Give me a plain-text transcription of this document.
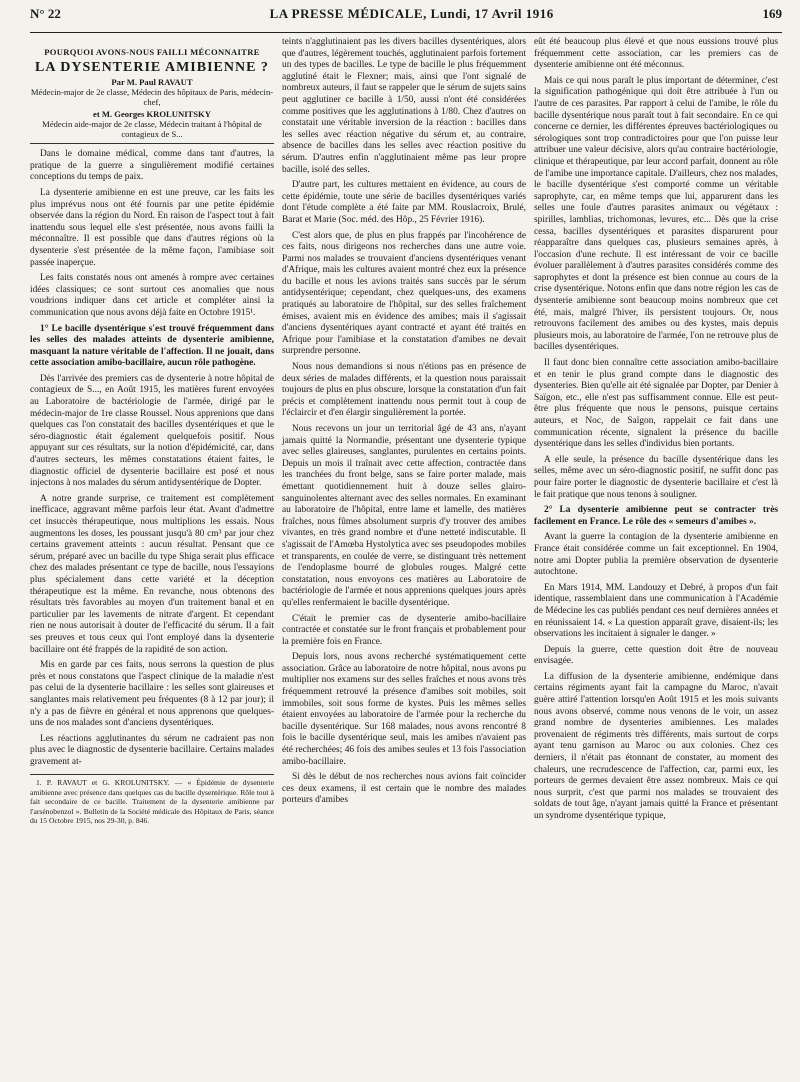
N° 22	LA PRESSE MÉDICALE, Lundi, 17 Avril 1916	169
POURQUOI AVONS-NOUS FAILLI MÉCONNAITRE
LA DYSENTERIE AMIBIENNE ?
Par M. Paul RAVAUT
Médecin-major de 2e classe, Médecin des hôpitaux de Paris, médecin-chef,
et M. Georges KROLUNITSKY
Médecin aide-major de 2e classe, Médecin traitant à l'hôpital de contagieux de S...

Dans le domaine médical, comme dans tant d'autres, la pratique de la guerre a singulièrement modifié certaines conceptions du temps de paix.

La dysenterie amibienne en est une preuve, car les faits les plus imprévus nous ont été fournis par une petite épidémie observée dans la région du Nord. En raison de l'aspect tout à fait inattendu sous lequel elle s'est présentée, nous avons failli la méconnaître. Il est possible que dans d'autres régions où la dysenterie s'est présentée de la même façon, l'amibiase soit passée inaperçue.

Les faits constatés nous ont amenés à rompre avec certaines idées classiques; ce sont surtout ces anomalies que nous voudrions indiquer dans cet article et compléter ainsi la communication que nous avons déjà faite en Octobre 1915¹.

1° Le bacille dysentérique s'est trouvé fréquemment dans les selles des malades atteints de dysenterie amibienne, masquant la nature véritable de l'affection. Il ne jouait, dans cette association amibo-bacillaire, aucun rôle pathogène.

Dès l'arrivée des premiers cas de dysenterie à notre hôpital de contagieux de S..., en Août 1915, les matières furent envoyées au Laboratoire de bactériologie de l'armée, dirigé par le médecin-major de 1re classe Roussel. Nous apprenions que dans quelques cas l'on constatait des bacilles dysentériques et que le séro-diagnostic était également quelquefois positif. Nous appuyant sur ces résultats, sur la notion d'épidémicité, car, dans d'autres secteurs, les mêmes constatations étaient faites, le diagnostic officiel de dysenterie bacillaire est posé et nous injectons à nos malades du sérum antidysentérique de Dopter.

A notre grande surprise, ce traitement est complètement inefficace, aggravant même parfois leur état. Avant d'admettre cet insuccès thérapeutique, nous multiplions les essais. Nous augmentons les doses, les poussant jusqu'à 80 cm³ par jour chez certains gravement atteints : aucun résultat. Pensant que ce sérum, préparé avec un bacille du type Shiga serait plus efficace chez des malades présentant ce type de bacille, nous l'essayions plus spécialement dans cette variété et la déception thérapeutique est la même. En revanche, nous obtenons des résultats très favorables au moyen d'un traitement banal et en particulier par les lavements de nitrate d'argent. Et cependant rien ne nous autorisait à douter de l'efficacité du sérum. Il a fait ses preuves et tous ceux qui l'ont employé dans la dysenterie bacillaire ont été frappés de la rapidité de son action.

Mis en garde par ces faits, nous serrons la question de plus près et nous constatons que l'aspect clinique de la maladie n'est pas celui de la dysenterie bacillaire : les selles sont glaireuses et sanglantes mais relativement peu fréquentes (8 à 12 par jour); il n'y a pas de fièvre en général et nous apprenons que quelques-uns de nos malades sont d'anciens dysentériques.

Les réactions agglutinantes du sérum ne cadraient pas non plus avec le diagnostic de dysenterie bacillaire. Certains malades gravement at-

1. P. RAVAUT et G. KROLUNITSKY. — « Épidémie de dysenterie amibienne avec présence dans quelques cas du bacille dysentérique. Rôle tout à fait secondaire de ce bacille. Traitement de la dysenterie amibienne par l'arsénobenzol ». Bulletin de la Société médicale des Hôpitaux de Paris, séance du 15 Octobre 1915, nos 29-30, p. 846.

teints n'agglutinaient pas les divers bacilles dysentériques, alors que d'autres, légèrement touchés, agglutinaient parfois fortement un des types de bacilles. Le type de bacille le plus fréquemment agglutiné était le Flexner; mais, ainsi que l'ont signalé de nombreux auteurs, il faut se rappeler que le sérum de sujets sains peut agglutiner ce bacille à 1/50, aussi n'ont été considérées comme positives que les agglutinations à 1/80. Chez d'autres on constatait une véritable inversion de la réaction : bacilles dans les selles avec réaction négative du sérum et, au contraire, absence de bacilles dans les selles avec réaction positive du sérum. D'autres enfin n'agglutinaient même pas leur propre bacille, isolé des selles.

D'autre part, les cultures mettaient en évidence, au cours de cette épidémie, toute une série de bacilles dysentériques variés dont l'étude complète a été faite par MM. Rouslacroix, Brulé, Barat et Marie (Soc. méd. des Hôp., 25 Février 1916).

C'est alors que, de plus en plus frappés par l'incohérence de ces faits, nous dirigeons nos recherches dans une autre voie. Parmi nos malades se trouvaient d'anciens dysentériques venant d'Afrique, mais les cultures avaient montré chez eux la présence du bacille et nous les avions traités sans succès par le sérum antidysentérique; cependant, chez quelques-uns, des examens pratiqués au laboratoire de l'hôpital, sur des selles fraîchement émises, avaient mis en évidence des amibes; mais il s'agissait d'anciens dysentériques ayant contracté et ayant été traités en Afrique pour l'amibiase et la constatation d'amibes ne devait surprendre personne.

Nous nous demandions si nous n'étions pas en présence de deux séries de malades différents, et la question nous paraissait toujours de plus en plus obscure, lorsque la constatation d'un fait précis et complètement inattendu nous permit tout à coup de l'éclaircir et d'en élargir singulièrement la portée.

Nous recevons un jour un territorial âgé de 43 ans, n'ayant jamais quitté la Normandie, présentant une dysenterie typique avec selles glaireuses, sanglantes, purulentes en certains points. Depuis un mois il traînait avec cette affection, contractée dans les tranchées du front belge, sans se faire porter malade, mais émettant quotidiennement huit à douze selles glairo-sanguinolentes alternant avec des selles normales. En examinant au laboratoire de l'hôpital, entre lame et lamelle, des matières fraîches, nous fûmes absolument surpris d'y trouver des amibes vivantes, en très grand nombre et d'une netteté indiscutable. Il s'agissait de l'Amœba Hystolytica avec ses pseudopodes mobiles et transparents, en coulée de verre, se distinguant très nettement de l'endoplasme bourré de globules rouges. Malgré cette constatation, nous envoyons ces matières au Laboratoire de bactériologie de l'armée et nous apprenions quelques jours après qu'elles renfermaient le bacille dysentérique.

C'était le premier cas de dysenterie amibo-bacillaire contractée et constatée sur le front français et probablement pour la première fois en France.

Depuis lors, nous avons recherché systématiquement cette association. Grâce au laboratoire de notre hôpital, nous avons pu multiplier nos examens sur des selles fraîches et nous avons très fréquemment retrouvé la présence d'amibes soit mobiles, soit immobiles, soit sous forme de kystes. Puis les mêmes selles étaient envoyées au laboratoire de l'armée pour la recherche du bacille dysentérique. Sur 168 malades, nous avons rencontré 8 fois le bacille dysentérique seul, mais les amibes n'avaient pas été recherchées; 46 fois des amibes seules et 13 fois l'association amibo-bacillaire.

Si dès le début de nos recherches nous avions fait coïncider ces deux examens, il est certain que le nombre des malades porteurs d'amibes

eût été beaucoup plus élevé et que nous eussions trouvé plus fréquemment cette association, car les premiers cas de dysenterie amibienne ont été méconnus.

Mais ce qui nous paraît le plus important de déterminer, c'est la signification pathogénique qui doit être attribuée à l'un ou l'autre de ces parasites. Par rapport à celui de l'amibe, le rôle du bacille dysentérique nous paraît tout à fait secondaire. En ce qui concerne ce dernier, les différentes épreuves bactériologiques ou sérologiques sont trop contradictoires pour que l'on puisse leur attribuer une valeur décisive, alors qu'au contraire bactériologie, clinique et thérapeutique, par leur accord parfait, donnent au rôle de l'amibe une importance capitale. D'ailleurs, chez nos malades, le bacille dysentérique s'est comporté comme un véritable saprophyte, car, en même temps que lui, apparurent dans les selles une foule d'autres parasites animaux ou végétaux : spirilles, lamblias, trichomonas, levures, etc... Dès que la crise cessa, bacilles dysentériques et parasites disparurent pour réapparaître dans quelques cas, plusieurs semaines après, à l'occasion d'une rechute. Il est intéressant de voir ce bacille évoluer parallèlement à d'autres parasites considérés comme des saprophytes et dont la présence est bien connue au cours de la crise dysentérique. Notons enfin que dans notre région les cas de dysenterie amibienne sont beaucoup moins nombreux que cet été, mais, malgré l'hiver, ils persistent toujours. Or, nous retrouvons facilement des amibes ou des kystes, mais depuis plusieurs mois, au laboratoire de l'armée, l'on ne retrouve plus de bacilles dysentériques.

Il faut donc bien connaître cette association amibo-bacillaire et en tenir le plus grand compte dans le diagnostic des dysenteries. Bien qu'elle ait été signalée par Dopter, par Denier à Saïgon, etc., elle n'est pas suffisamment connue. Elle est peut-être plus fréquente que nous le pensons, puisque certains auteurs, et Noc, de Saïgon, rappelait ce fait dans une communication récente, signalent la présence du bacille dysentérique dans les selles d'individus bien portants.

A elle seule, la présence du bacille dysentérique dans les selles, même avec un séro-diagnostic positif, ne suffit donc pas pour faire porter le diagnostic de dysenterie bacillaire et c'est là le fait pratique que nous tenons à souligner.

2° La dysenterie amibienne peut se contracter très facilement en France. Le rôle des « semeurs d'amibes ».

Avant la guerre la contagion de la dysenterie amibienne en France était considérée comme un fait exceptionnel. En 1904, notre ami Dopter publia la première observation de dysenterie autochtone.

En Mars 1914, MM. Landouzy et Debré, à propos d'un fait identique, rassemblaient dans une communication à l'Académie de Médecine les cas publiés pendant ces neuf dernières années et en réunissaient 14. « La question apparaît grave, disaient-ils; les observations les incitaient à signaler le danger. »

Depuis la guerre, cette question doit être de nouveau envisagée.

La diffusion de la dysenterie amibienne, endémique dans certains régiments ayant fait la campagne du Maroc, n'avait guère attiré l'attention lorsqu'en Août 1915 et les mois suivants nous avons observé, comme nous venons de le voir, un assez grand nombre de dysenteries amibiennes. Les malades provenaient de régiments très différents, mais surtout de corps ayant tenu garnison au Maroc ou aux colonies. Chez ces derniers, il n'était pas étonnant de constater, au moment des chaleurs, une recrudescence de l'affection, car, parmi eux, les porteurs de germes devaient être assez nombreux. Mais ce qui nous surprit, c'est que parmi nos malades se trouvaient des soldats de tout âge, n'ayant jamais quitté la France et présentant un syndrome dysentérique typique,
